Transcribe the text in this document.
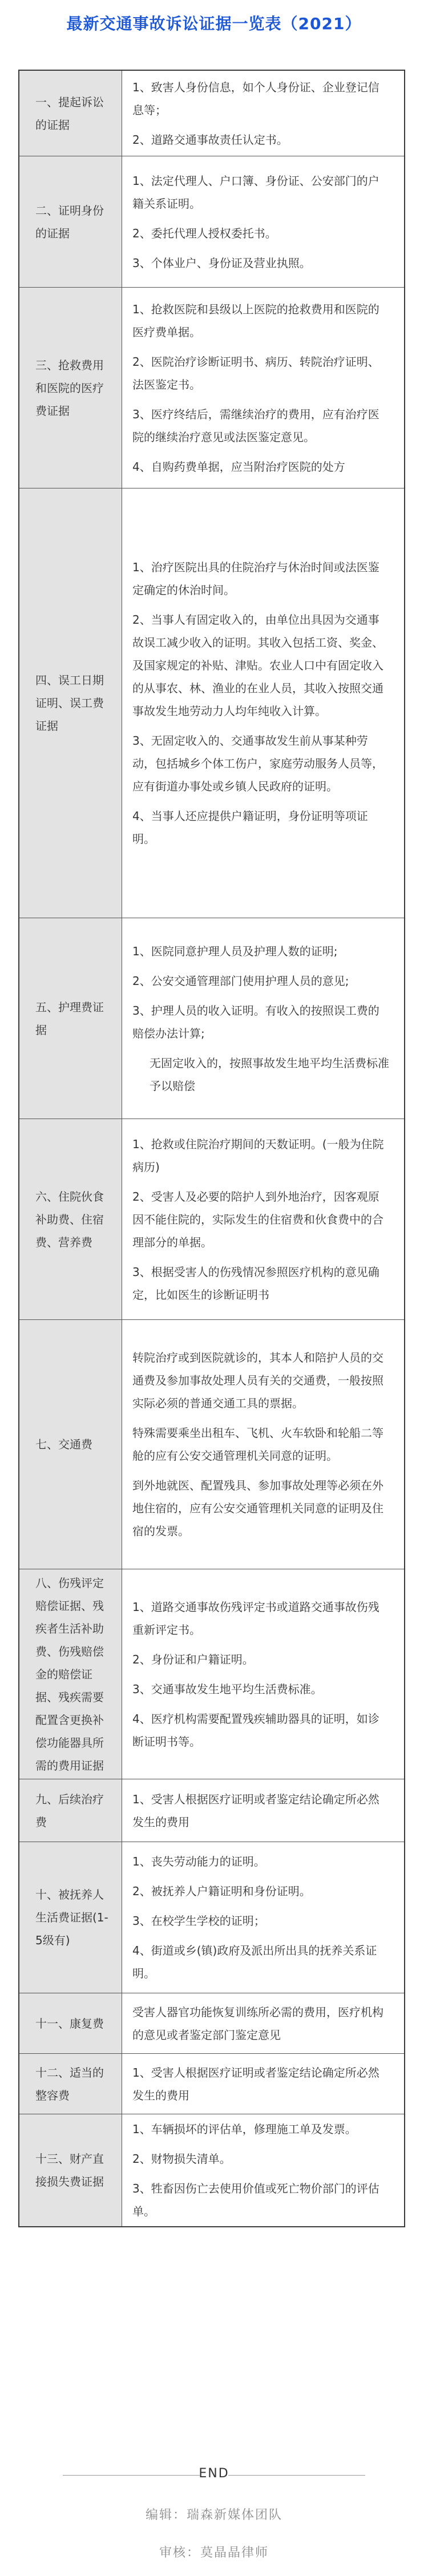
最新交通事故诉讼证据一览表（2021）
一、提起诉讼的证据
1、致害人身份信息，如个人身份证、企业登记信息等；
2、道路交通事故责任认定书。
二、证明身份的证据
1、法定代理人、户口簿、身份证、公安部门的户籍关系证明。
2、委托代理人授权委托书。
3、个体业户、身份证及营业执照。
三、抢救费用和医院的医疗费证据
1、抢救医院和县级以上医院的抢救费用和医院的医疗费单据。
2、医院治疗诊断证明书、病历、转院治疗证明、法医鉴定书。
3、医疗终结后，需继续治疗的费用，应有治疗医院的继续治疗意见或法医鉴定意见。
4、自购药费单据，应当附治疗医院的处方
四、误工日期证明、误工费证据
1、治疗医院出具的住院治疗与休治时间或法医鉴定确定的休治时间。
2、当事人有固定收入的，由单位出具因为交通事故误工减少收入的证明。其收入包括工资、奖金、及国家规定的补贴、津贴。农业人口中有固定收入的从事农、林、渔业的在业人员，其收入按照交通事故发生地劳动力人均年纯收入计算。
3、无固定收入的、交通事故发生前从事某种劳动，包括城乡个体工伤户，家庭劳动服务人员等，应有街道办事处或乡镇人民政府的证明。
4、当事人还应提供户籍证明，身份证明等项证明。
五、护理费证据
1、医院同意护理人员及护理人数的证明;
2、公安交通管理部门使用护理人员的意见;
3、护理人员的收入证明。有收入的按照误工费的赔偿办法计算;
无固定收入的，按照事故发生地平均生活费标准予以赔偿
六、住院伙食补助费、住宿费、营养费
1、抢救或住院治疗期间的天数证明。(一般为住院病历)
2、受害人及必要的陪护人到外地治疗，因客观原因不能住院的，实际发生的住宿费和伙食费中的合理部分的单据。
3、根据受害人的伤残情况参照医疗机构的意见确定，比如医生的诊断证明书
七、交通费
转院治疗或到医院就诊的，其本人和陪护人员的交通费及参加事故处理人员有关的交通费，一般按照实际必须的普通交通工具的票据。
特殊需要乘坐出租车、飞机、火车软卧和轮船二等舱的应有公安交通管理机关同意的证明。
到外地就医、配置残具、参加事故处理等必须在外地住宿的，应有公安交通管理机关同意的证明及住宿的发票。
八、伤残评定赔偿证据、残疾者生活补助费、伤残赔偿金的赔偿证据、残疾需要配置含更换补偿功能器具所需的费用证据
1、道路交通事故伤残评定书或道路交通事故伤残重新评定书。
2、身份证和户籍证明。
3、交通事故发生地平均生活费标准。
4、医疗机构需要配置残疾辅助器具的证明，如诊断证明书等。
九、后续治疗费
1、受害人根据医疗证明或者鉴定结论确定所必然发生的费用
十、被抚养人生活费证据(1-5级有)
1、丧失劳动能力的证明。
2、被抚养人户籍证明和身份证明。
3、在校学生学校的证明；
4、街道或乡(镇)政府及派出所出具的抚养关系证明。
十一、康复费
受害人器官功能恢复训练所必需的费用，医疗机构的意见或者鉴定部门鉴定意见
十二、适当的整容费
1、受害人根据医疗证明或者鉴定结论确定所必然发生的费用
十三、财产直接损失费证据
1、车辆损坏的评估单，修理施工单及发票。
2、财物损失清单。
3、牲畜因伤亡去使用价值或死亡物价部门的评估单。
END
编辑：瑞森新媒体团队
审核：莫晶晶律师
